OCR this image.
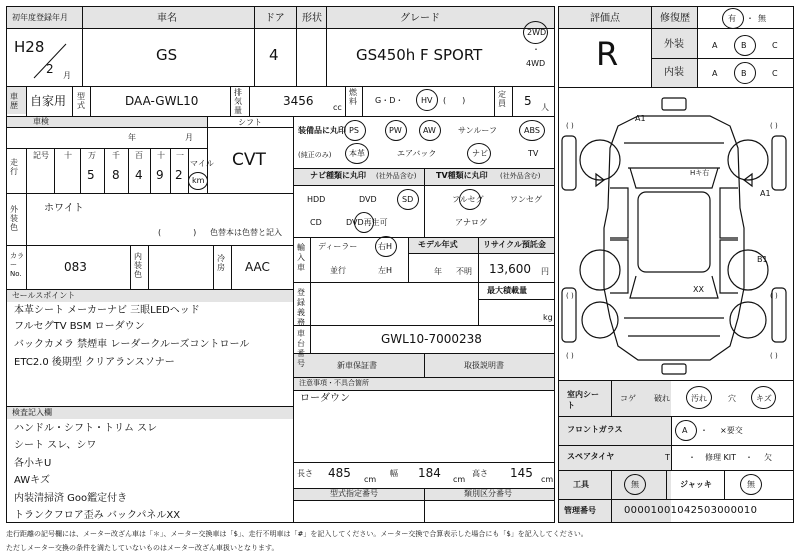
初年度登録年月	車名	ドア 形状	グレード
H28
2 月
GS	4	GS450h F SPORT
2WD
4WD
・
車歴	自家用 型式	DAA-GWL10
排気量
3456 cc
燃料	G・D・ HV (　　)
定員	5 人
車検
年	月
シフト
CVT
走行
記号 十 万 千 百 十 一
5 8 4 9 2
マイル
km
外装色
ホワイト
(　　　　) 色替本は色替と記入
カラーNo.	083
内装色
冷房	AAC
装備品に丸印
(純正のみ)
PS	PW	AW	サンルーフ	ABS
本革	エアバック	ナビ	TV
ナビ種類に丸印 (社外品含む) TV種類に丸印 (社外品含む)
HDD	DVD	SD
CD	DVD再生可
フルセグ	ワンセグ
アナログ
輸入車
ディーラー
並行
右H
左H
モデル年式
年 不明
リサイクル預託金
13,600 円
登録義務
最大積載量
kg
車台番号
GWL10-7000238
新車保証書	取扱説明書
セールスポイント
本革シート メーカーナビ 三眼LEDヘッド
フルセグTV BSM ローダウン
バックカメラ 禁煙車 レーダークルーズコントロール
ETC2.0 後期型 クリアランスソナー
注意事項・不具合箇所
ローダウン
検査記入欄
ハンドル・シフト・トリム スレ
シート スレ、シワ
各小キU
AWキズ
内装清掃済 Goo鑑定付き
トランクフロア歪み バックパネルXX
長さ 485 cm
幅 184 cm
高さ 145 cm
型式指定番号	類別区分番号
評価点
R
修復歴	有 ・ 無
外装	A	B	C
内装	A	B	C
( )	( )
( )	( )
( )	( )
A1
A1
B1
XX
Hキ右
室内シート
コゲ 破れ	汚れ	穴	キズ
フロントガラス	A ・ ×要交
スペアタイヤ	T ・ 修理 KIT ・ 欠
工具	無	ジャッキ	無
管理番号	00001001042503000010
走行距離の記号欄には、メーター改ざん車は「＊」、メーター交換車は「$」、走行不明車は「#」を記入してください。メーター交換で合算表示した場合にも「$」を記入してください。
ただしメーター交換の条件を満たしていないものはメーター改ざん車扱いとなります。
